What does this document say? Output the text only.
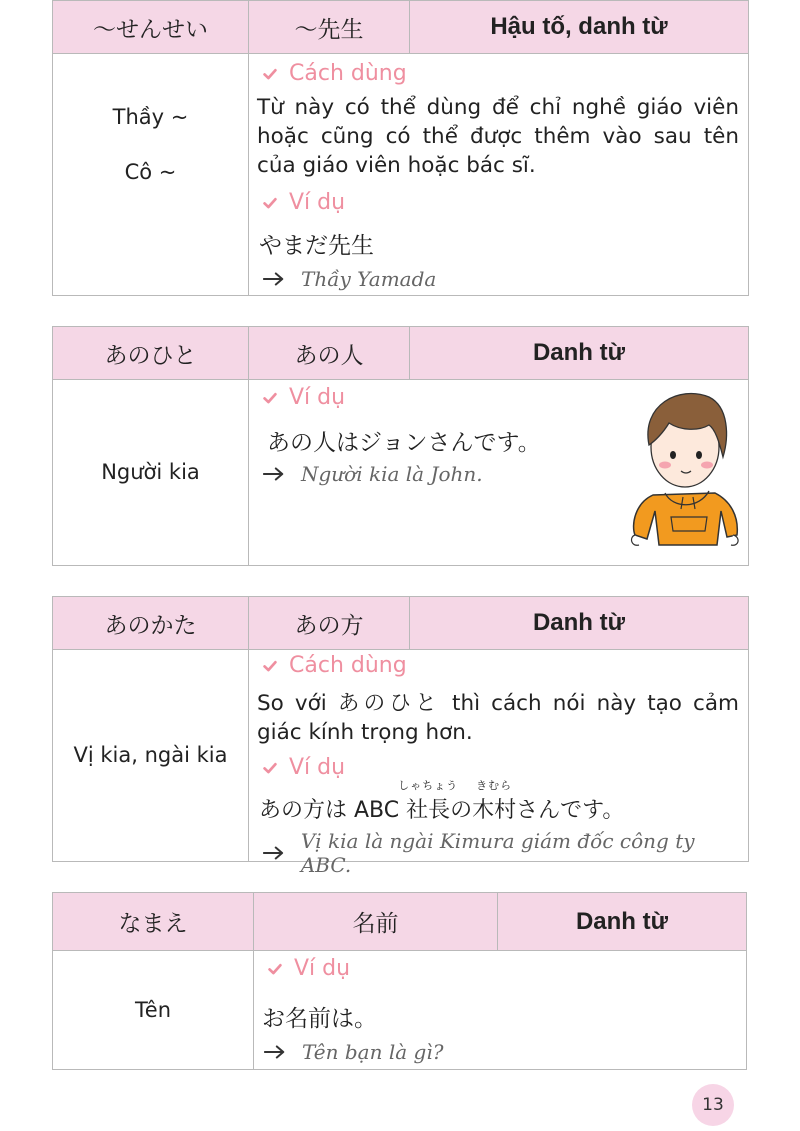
〜せんせい	〜先生	Hậu tố, danh từ
Thầy ~
Cô ~
Cách dùng
Từ này có thể dùng để chỉ nghề giáo viên hoặc cũng có thể được thêm vào sau tên của giáo viên hoặc bác sĩ.
Ví dụ
やまだ先生
Thầy Yamada
あのひと	あの人	Danh từ
Người kia
Ví dụ
あの人はジョンさんです。
Người kia là John.
あのかた	あの方	Danh từ
Vị kia, ngài kia
Cách dùng
So với あのひと thì cách nói này tạo cảm giác kính trọng hơn.
Ví dụ
あの方は ABC
しゃちょう
社長の
きむら
木村さんです。
Vị kia là ngài Kimura giám đốc công ty ABC.
なまえ	名前	Danh từ
Tên
Ví dụ
お名前は。
Tên bạn là gì?
13
